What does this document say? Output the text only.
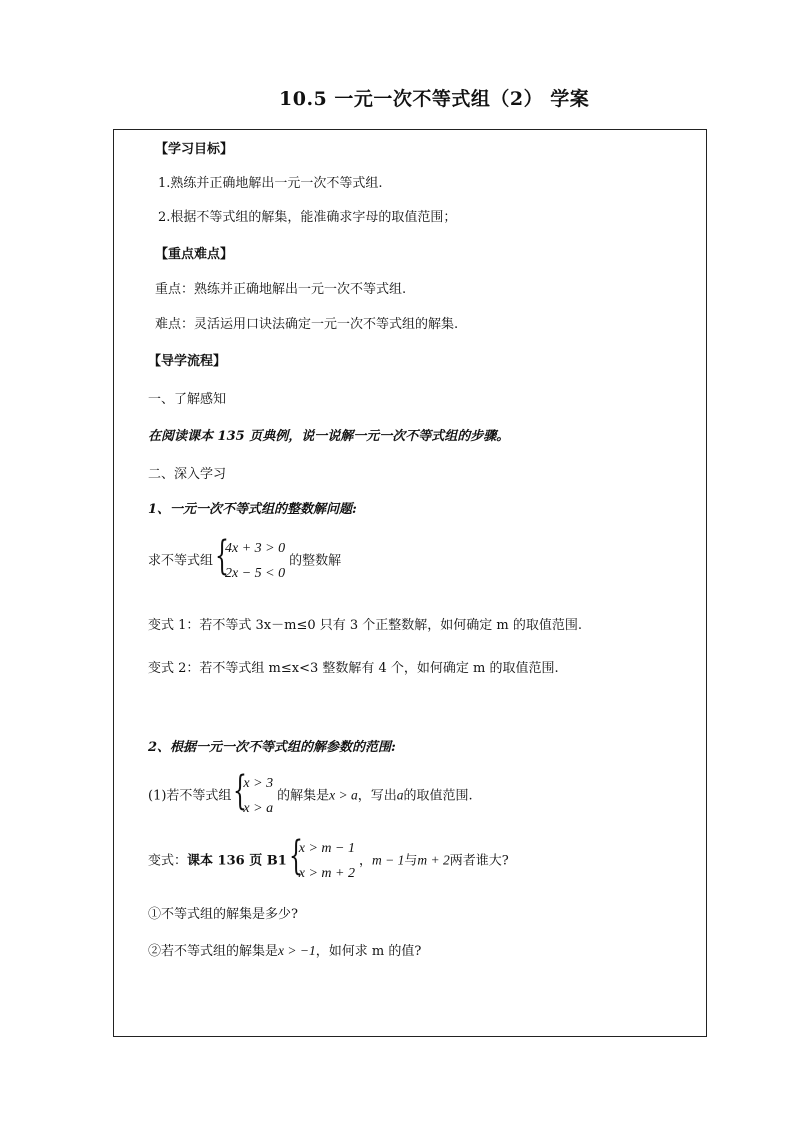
10.5 一元一次不等式组（2） 学案
【学习目标】
1.熟练并正确地解出一元一次不等式组.
2.根据不等式组的解集，能准确求字母的取值范围；
【重点难点】
重点：熟练并正确地解出一元一次不等式组.
难点：灵活运用口诀法确定一元一次不等式组的解集.
【导学流程】
一、了解感知
在阅读课本 135 页典例，说一说解一元一次不等式组的步骤。
二、深入学习
1、一元一次不等式组的整数解问题:
求不等式组 {
4x + 3 > 0
2x − 5 < 0
的整数解
变式 1：若不等式 3x－m≤0 只有 3 个正整数解，如何确定 m 的取值范围.
变式 2：若不等式组 m≤x<3 整数解有 4 个，如何确定 m 的取值范围.
2、根据一元一次不等式组的解参数的范围:
(1)若不等式组 {
x > 3
x > a
的解集是x > a，写出a的取值范围.
变式：课本 136 页 B1 {
x > m − 1
x > m + 2
，m − 1与m + 2两者谁大?
①不等式组的解集是多少?
②若不等式组的解集是x > −1，如何求 m 的值?
